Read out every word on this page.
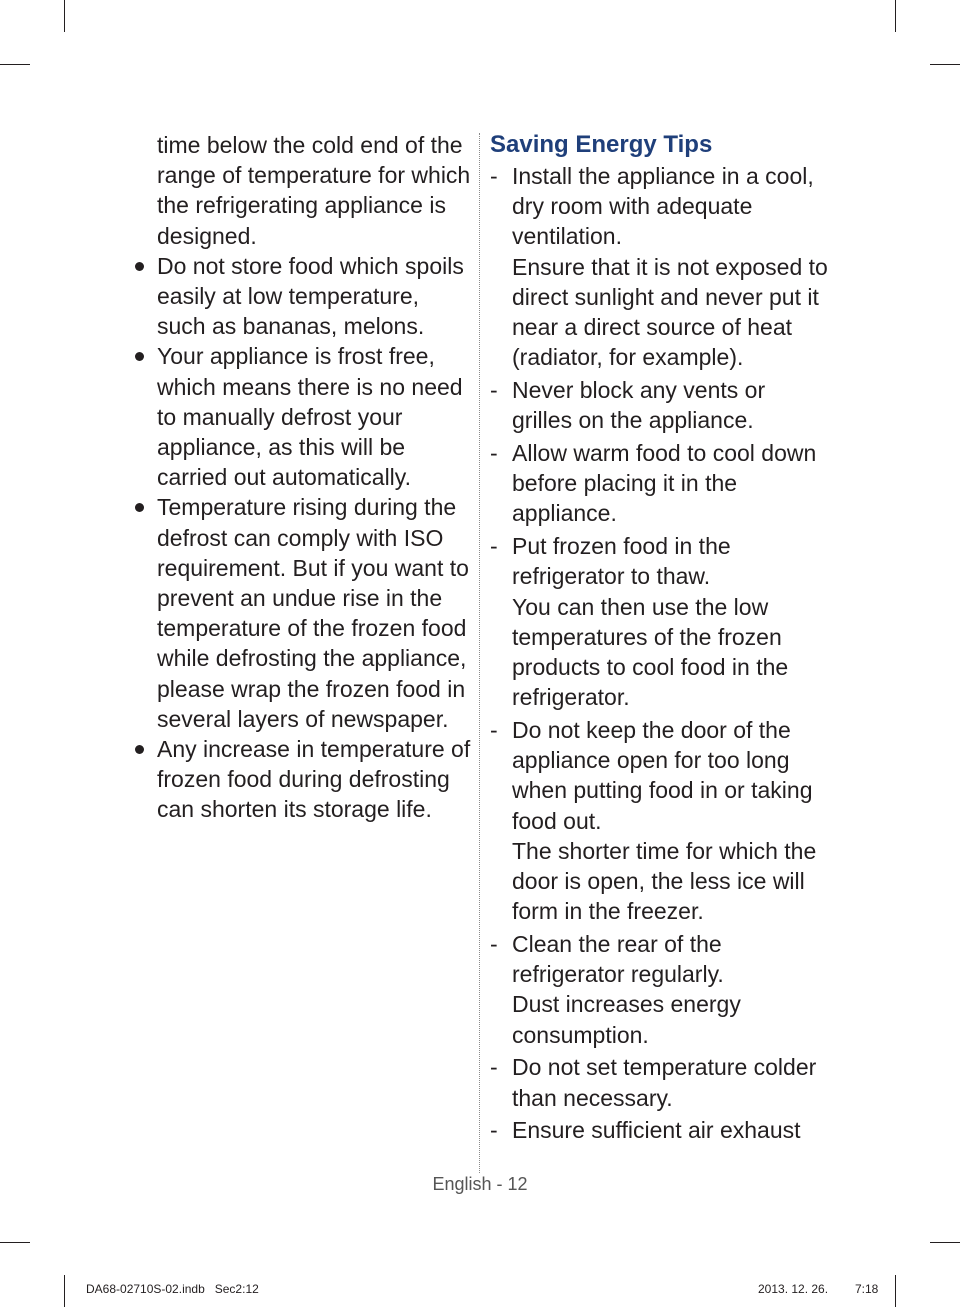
time below the cold end of the range of temperature for which the refrigerating appliance is designed.

Do not store food which spoils easily at low temperature, such as bananas, melons.
Your appliance is frost free, which means there is no need to manually defrost your appliance, as this will be carried out automatically.
Temperature rising during the defrost can comply with ISO requirement. But if you want to prevent an undue rise in the temperature of the frozen food while defrosting the appliance, please wrap the frozen food in several layers of newspaper.
Any increase in temperature of frozen food during defrosting can shorten its storage life.
Saving Energy Tips
- Install the appliance in a cool, dry room with adequate ventilation.

Ensure that it is not exposed to direct sunlight and never put it near a direct source of heat (radiator, for example).

- Never block any vents or grilles on the appliance.

- Allow warm food to cool down before placing it in the appliance.

- Put frozen food in the refrigerator to thaw.

You can then use the low temperatures of the frozen products to cool food in the refrigerator.

- Do not keep the door of the appliance open for too long when putting food in or taking food out.

The shorter time for which the door is open, the less ice will form in the freezer.

- Clean the rear of the refrigerator regularly.

Dust increases energy consumption.

- Do not set temperature colder than necessary.

- Ensure sufficient air exhaust

English - 12
DA68-02710S-02.indb   Sec2:12	2013. 12. 26. 7:18
